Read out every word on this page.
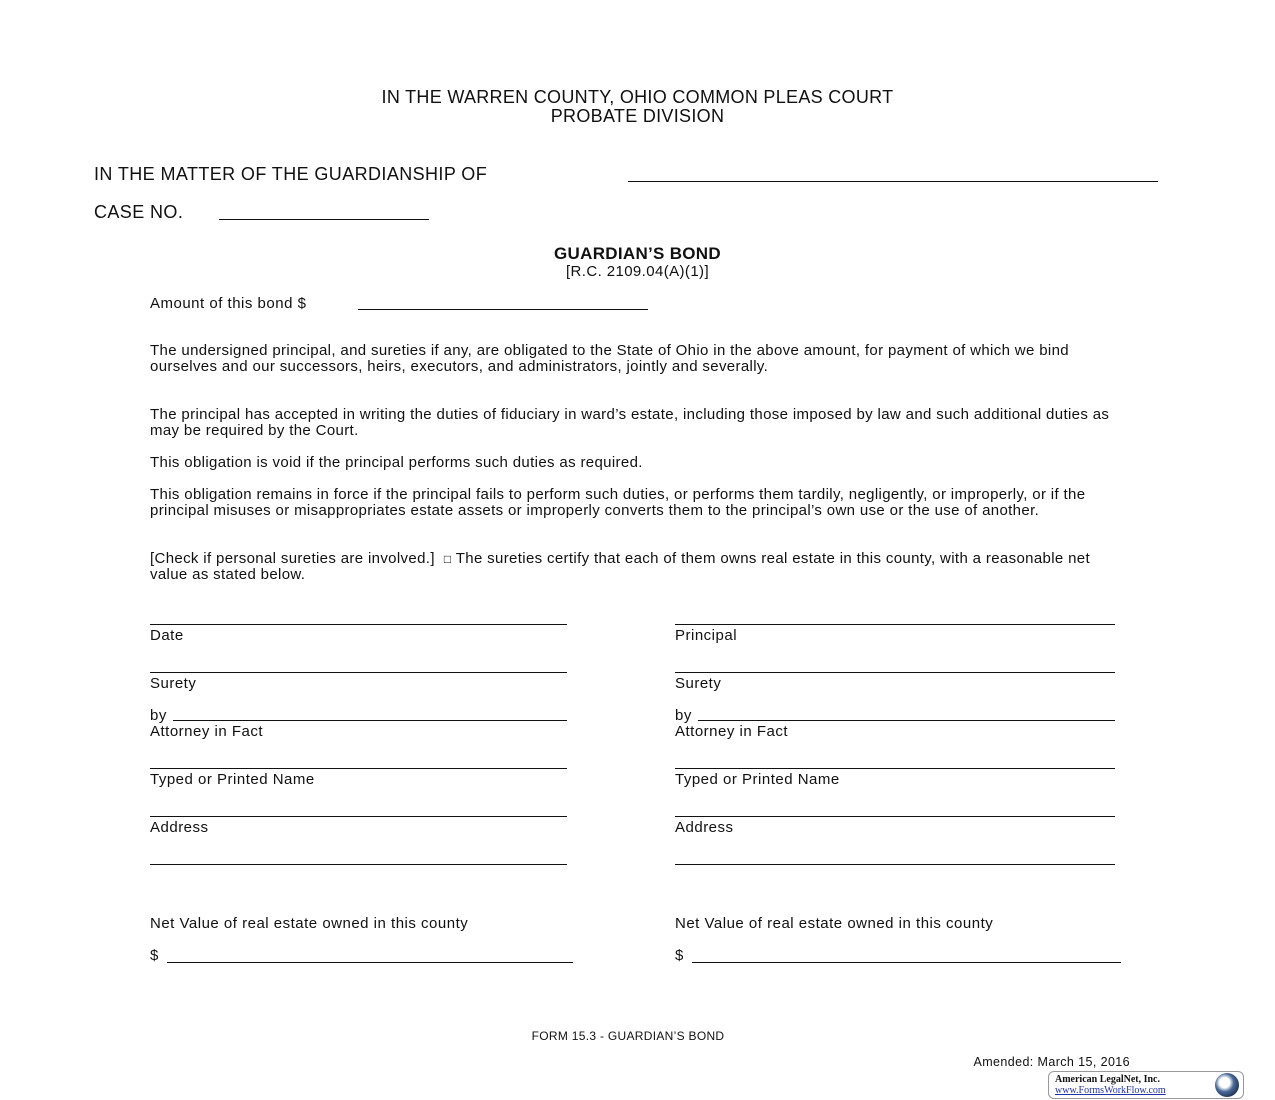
IN THE WARREN COUNTY, OHIO COMMON PLEAS COURT
PROBATE DIVISION
IN THE MATTER OF THE GUARDIANSHIP OF
CASE NO.
GUARDIAN’S BOND
[R.C. 2109.04(A)(1)]
Amount of this bond $
The undersigned principal, and sureties if any, are obligated to the State of Ohio in the above amount, for payment of which we bind ourselves and our successors, heirs, executors, and administrators, jointly and severally.
The principal has accepted in writing the duties of fiduciary in ward’s estate, including those imposed by law and such additional duties as may be required by the Court.
This obligation is void if the principal performs such duties as required.
This obligation remains in force if the principal fails to perform such duties, or performs them tardily, negligently, or improperly, or if the principal misuses or misappropriates estate assets or improperly converts them to the principal’s own use or the use of another.
[Check if personal sureties are involved.] □ The sureties certify that each of them owns real estate in this county, with a reasonable net value as stated below.
Date
Surety
by
Attorney in Fact
Typed or Printed Name
Address
Net Value of real estate owned in this county
$
Principal
Surety
by
Attorney in Fact
Typed or Printed Name
Address
Net Value of real estate owned in this county
$
FORM 15.3 - GUARDIAN’S BOND
Amended: March 15, 2016
American LegalNet, Inc.
www.FormsWorkFlow.com
